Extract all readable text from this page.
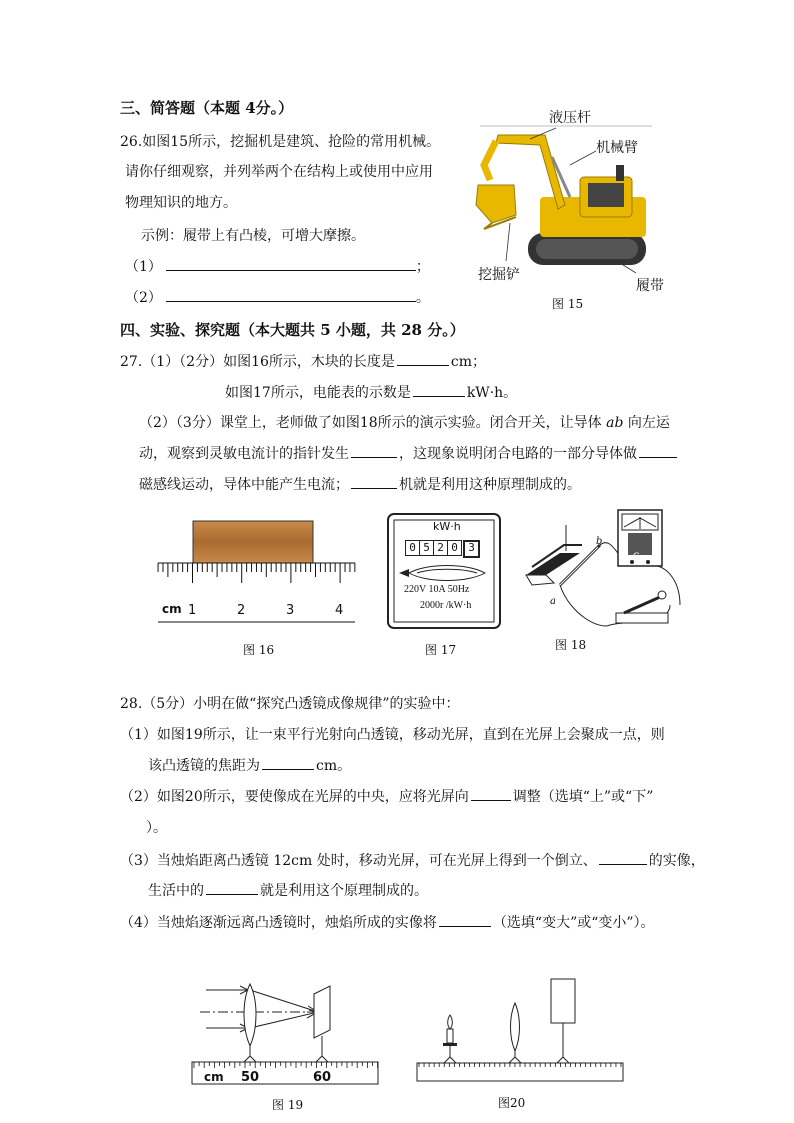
三、简答题（本题 4分。）
26.如图15所示，挖掘机是建筑、抢险的常用机械。
请你仔细观察，并列举两个在结构上或使用中应用
物理知识的地方。
示例：履带上有凸棱，可增大摩擦。
（1）	；
（2）	。
液压杆
机械臂
挖掘铲
履带
图 15
四、实验、探究题（本大题共 5 小题，共 28 分。）
27.（1）（2分）如图16所示，木块的长度是	cm；
如图17所示，电能表的示数是	kW·h。
（2）（3分）课堂上，老师做了如图18所示的演示实验。闭合开关，让导体 ab 向左运
动，观察到灵敏电流计的指针发生	，这现象说明闭合电路的一部分导体做
磁感线运动，导体中能产生电流；	机就是利用这种原理制成的。
cm 1	2	3	4
图 16
kW·h
0 5 2 0 3
220V 10A 50Hz
2000r /kW·h
图 17
b
a
G
图 18
28.（5分）小明在做“探究凸透镜成像规律”的实验中：
（1）如图19所示，让一束平行光射向凸透镜，移动光屏，直到在光屏上会聚成一点，则
该凸透镜的焦距为	cm。
（2）如图20所示，要使像成在光屏的中央，应将光屏向	调整（选填“上”或“下”
）。
（3）当烛焰距离凸透镜 12cm 处时，移动光屏，可在光屏上得到一个倒立、	的实像，
生活中的	就是利用这个原理制成的。
（4）当烛焰逐渐远离凸透镜时，烛焰所成的实像将	（选填“变大”或“变小”）。
cm 50	60
图 19	图20
